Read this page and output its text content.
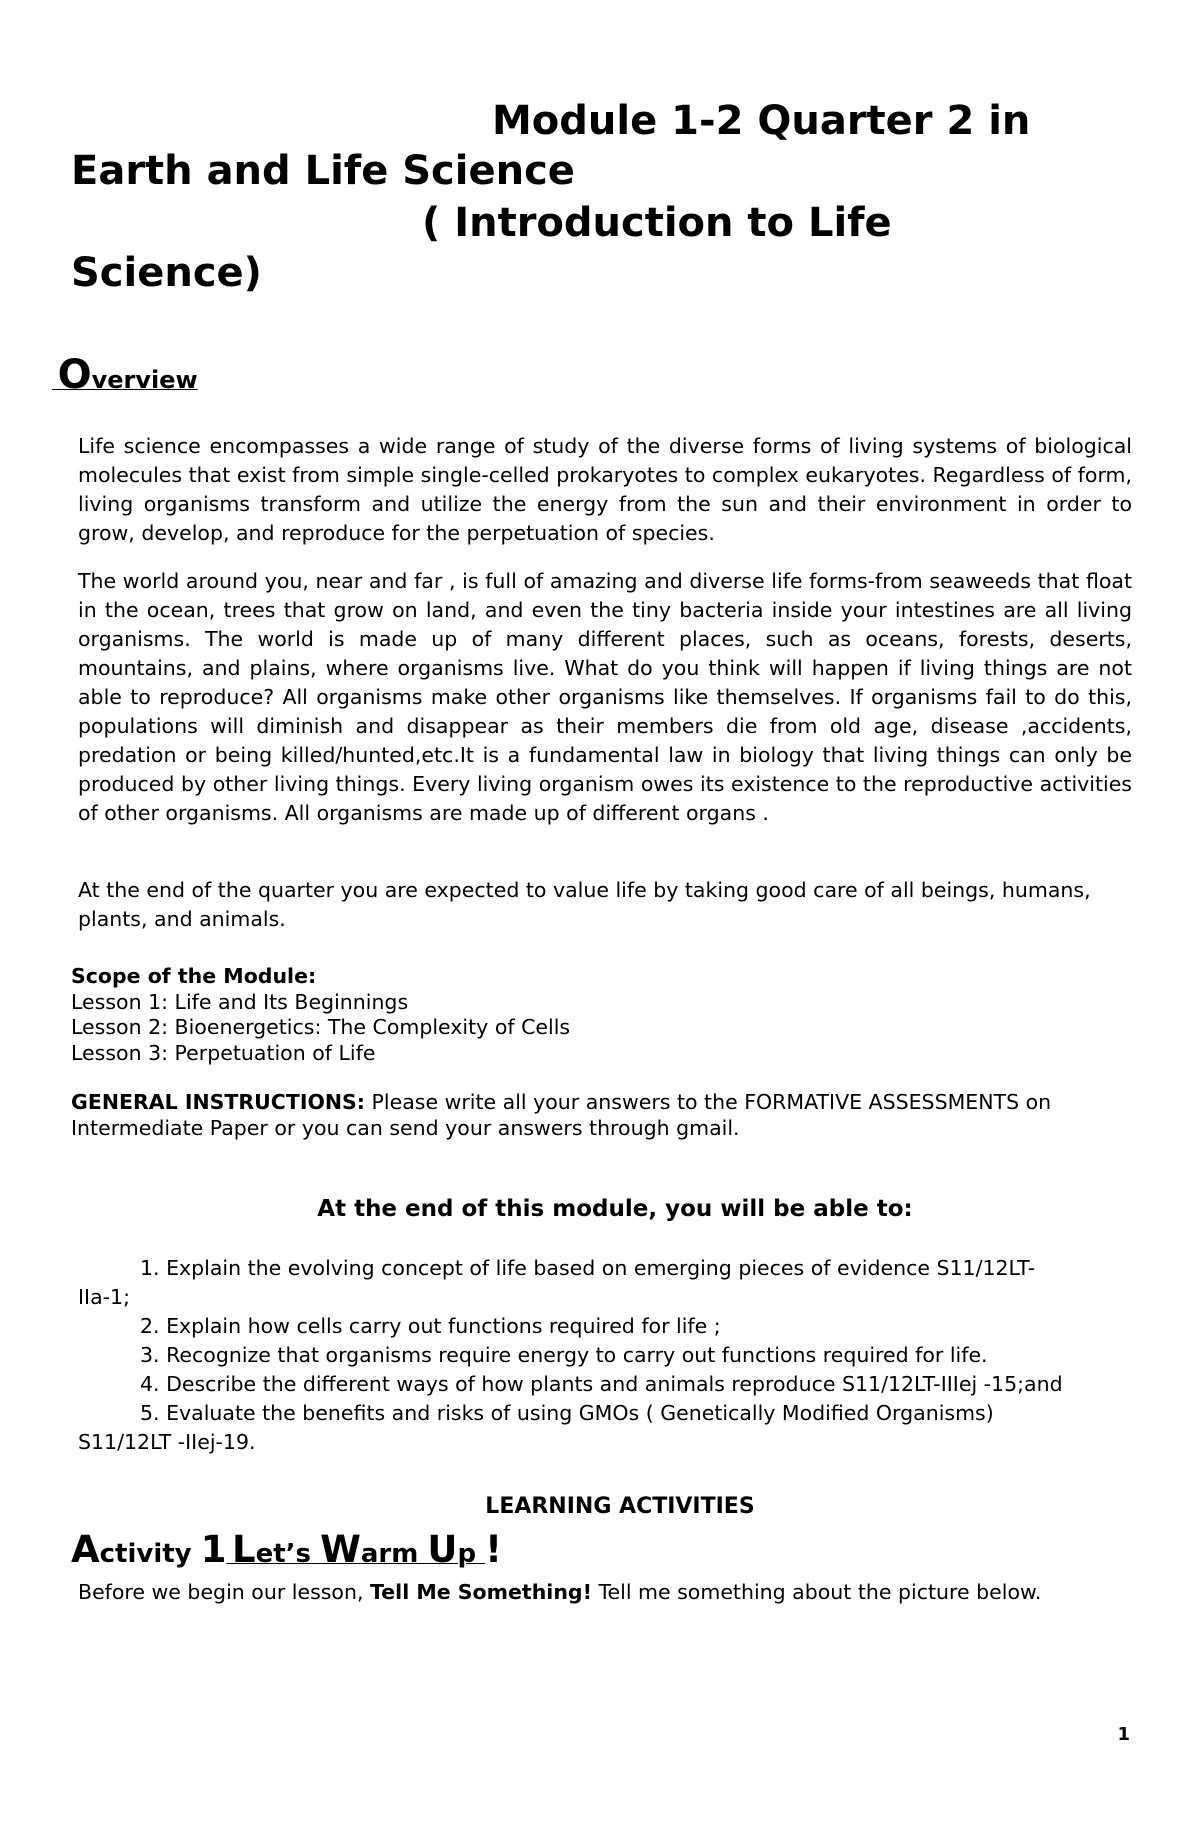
Module 1-2 Quarter 2 in
Earth and Life Science
( Introduction to Life
Science)
Overview

Life science encompasses a wide range of study of the diverse forms of living systems of biological molecules that exist from simple single-celled prokaryotes to complex eukaryotes. Regardless of form, living organisms transform and utilize the energy from the sun and their environment in order to grow, develop, and reproduce for the perpetuation of species.

The world around you, near and far , is full of amazing and diverse life forms-from seaweeds that float in the ocean, trees that grow on land, and even the tiny bacteria inside your intestines are all living organisms. The world is made up of many different places, such as oceans, forests, deserts, mountains, and plains, where organisms live. What do you think will happen if living things are not able to reproduce? All organisms make other organisms like themselves. If organisms fail to do this, populations will diminish and disappear as their members die from old age, disease ,accidents, predation or being killed/hunted,etc.It is a fundamental law in biology that living things can only be produced by other living things. Every living organism owes its existence to the reproductive activities of other organisms. All organisms are made up of different organs .

At the end of the quarter you are expected to value life by taking good care of all beings, humans, plants, and animals.

Scope of the Module:
Lesson 1: Life and Its Beginnings
Lesson 2: Bioenergetics: The Complexity of Cells
Lesson 3: Perpetuation of Life
GENERAL INSTRUCTIONS: Please write all your answers to the FORMATIVE ASSESSMENTS on Intermediate Paper or you can send your answers through gmail.
At the end of this module, you will be able to:
1. Explain the evolving concept of life based on emerging pieces of evidence S11/12LT-
IIa-1;
2. Explain how cells carry out functions required for life ;
3. Recognize that organisms require energy to carry out functions required for life.
4. Describe the different ways of how plants and animals reproduce S11/12LT-IIIej -15;and
5. Evaluate the benefits and risks of using GMOs ( Genetically Modified Organisms)
S11/12LT -IIej-19.
LEARNING ACTIVITIES
Activity 1 Let’s Warm Up !
Before we begin our lesson, Tell Me Something! Tell me something about the picture below.
1
